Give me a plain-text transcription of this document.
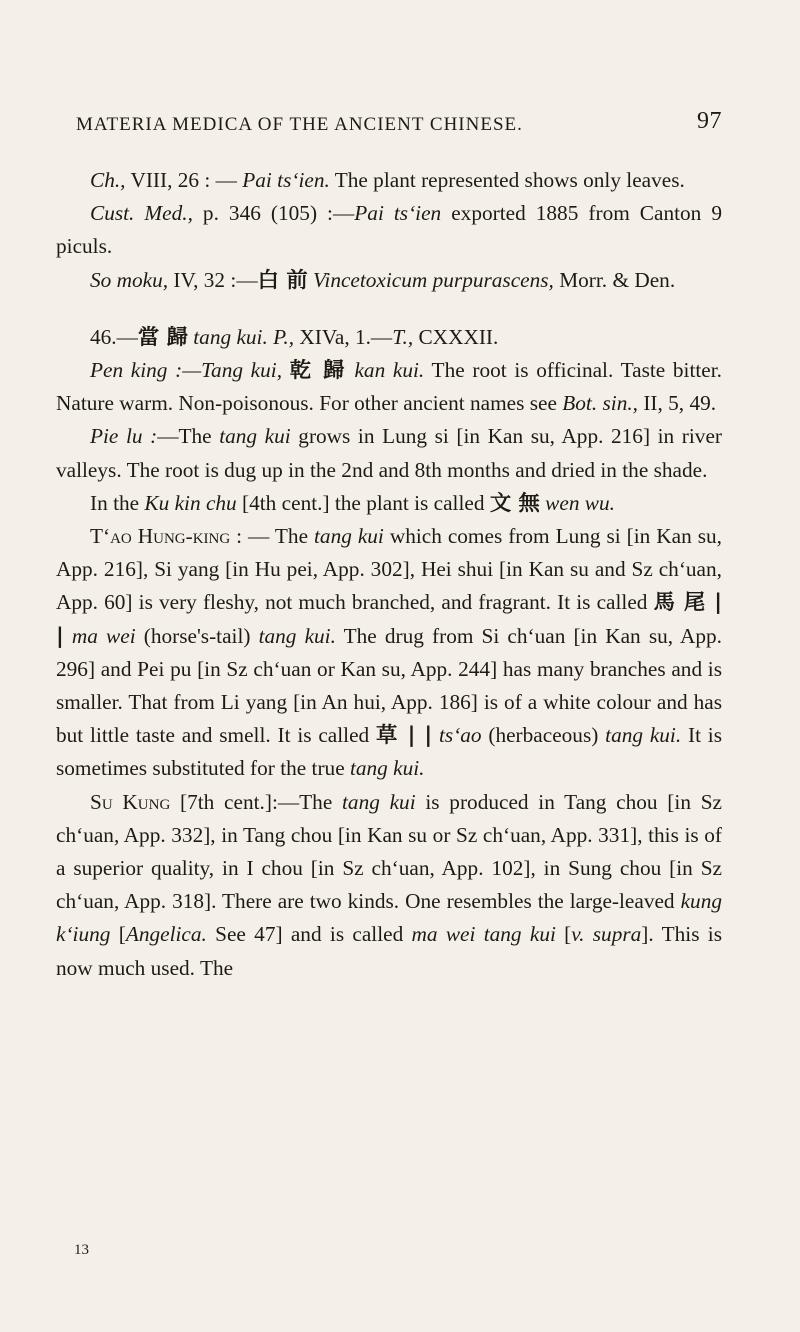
MATERIA MEDICA OF THE ANCIENT CHINESE.	97

Ch., VIII, 26 : — Pai ts‘ien. The plant represented shows only leaves.

Cust. Med., p. 346 (105) :—Pai ts‘ien exported 1885 from Canton 9 piculs.

So moku, IV, 32 :—白 前 Vincetoxicum purpurascens, Morr. & Den.

46.—當 歸 tang kui. P., XIVa, 1.—T., CXXXII.

Pen king :—Tang kui, 乾 歸 kan kui. The root is officinal. Taste bitter. Nature warm. Non-poisonous. For other ancient names see Bot. sin., II, 5, 49.

Pie lu :—The tang kui grows in Lung si [in Kan su, App. 216] in river valleys. The root is dug up in the 2nd and 8th months and dried in the shade.

In the Ku kin chu [4th cent.] the plant is called 文 無 wen wu.

T‘ao Hung-king : — The tang kui which comes from Lung si [in Kan su, App. 216], Si yang [in Hu pei, App. 302], Hei shui [in Kan su and Sz ch‘uan, App. 60] is very fleshy, not much branched, and fragrant. It is called 馬 尾 | | ma wei (horse's-tail) tang kui. The drug from Si ch‘uan [in Kan su, App. 296] and Pei pu [in Sz ch‘uan or Kan su, App. 244] has many branches and is smaller. That from Li yang [in An hui, App. 186] is of a white colour and has but little taste and smell. It is called 草 | | ts‘ao (herbaceous) tang kui. It is sometimes substituted for the true tang kui.

Su Kung [7th cent.]:—The tang kui is produced in Tang chou [in Sz ch‘uan, App. 332], in Tang chou [in Kan su or Sz ch‘uan, App. 331], this is of a superior quality, in I chou [in Sz ch‘uan, App. 102], in Sung chou [in Sz ch‘uan, App. 318]. There are two kinds. One resembles the large-leaved kung k‘iung [Angelica. See 47] and is called ma wei tang kui [v. supra]. This is now much used. The

13
